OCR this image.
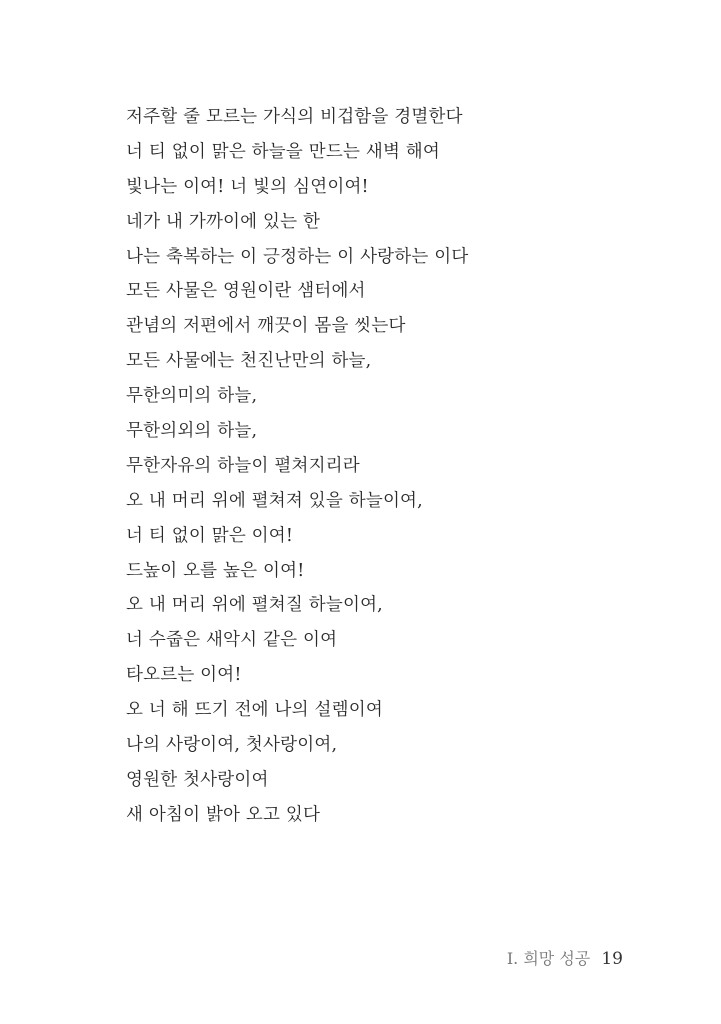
저주할 줄 모르는 가식의 비겁함을 경멸한다
너 티 없이 맑은 하늘을 만드는 새벽 해여
빛나는 이여! 너 빛의 심연이여!
네가 내 가까이에 있는 한
나는 축복하는 이 긍정하는 이 사랑하는 이다
모든 사물은 영원이란 샘터에서
관념의 저편에서 깨끗이 몸을 씻는다
모든 사물에는 천진난만의 하늘,
무한의미의 하늘,
무한의외의 하늘,
무한자유의 하늘이 펼쳐지리라
오 내 머리 위에 펼쳐져 있을 하늘이여,
너 티 없이 맑은 이여!
드높이 오를 높은 이여!
오 내 머리 위에 펼쳐질 하늘이여,
너 수줍은 새악시 같은 이여
타오르는 이여!
오 너 해 뜨기 전에 나의 설렘이여
나의 사랑이여, 첫사랑이여,
영원한 첫사랑이여
새 아침이 밝아 오고 있다
I. 희망 성공 19
